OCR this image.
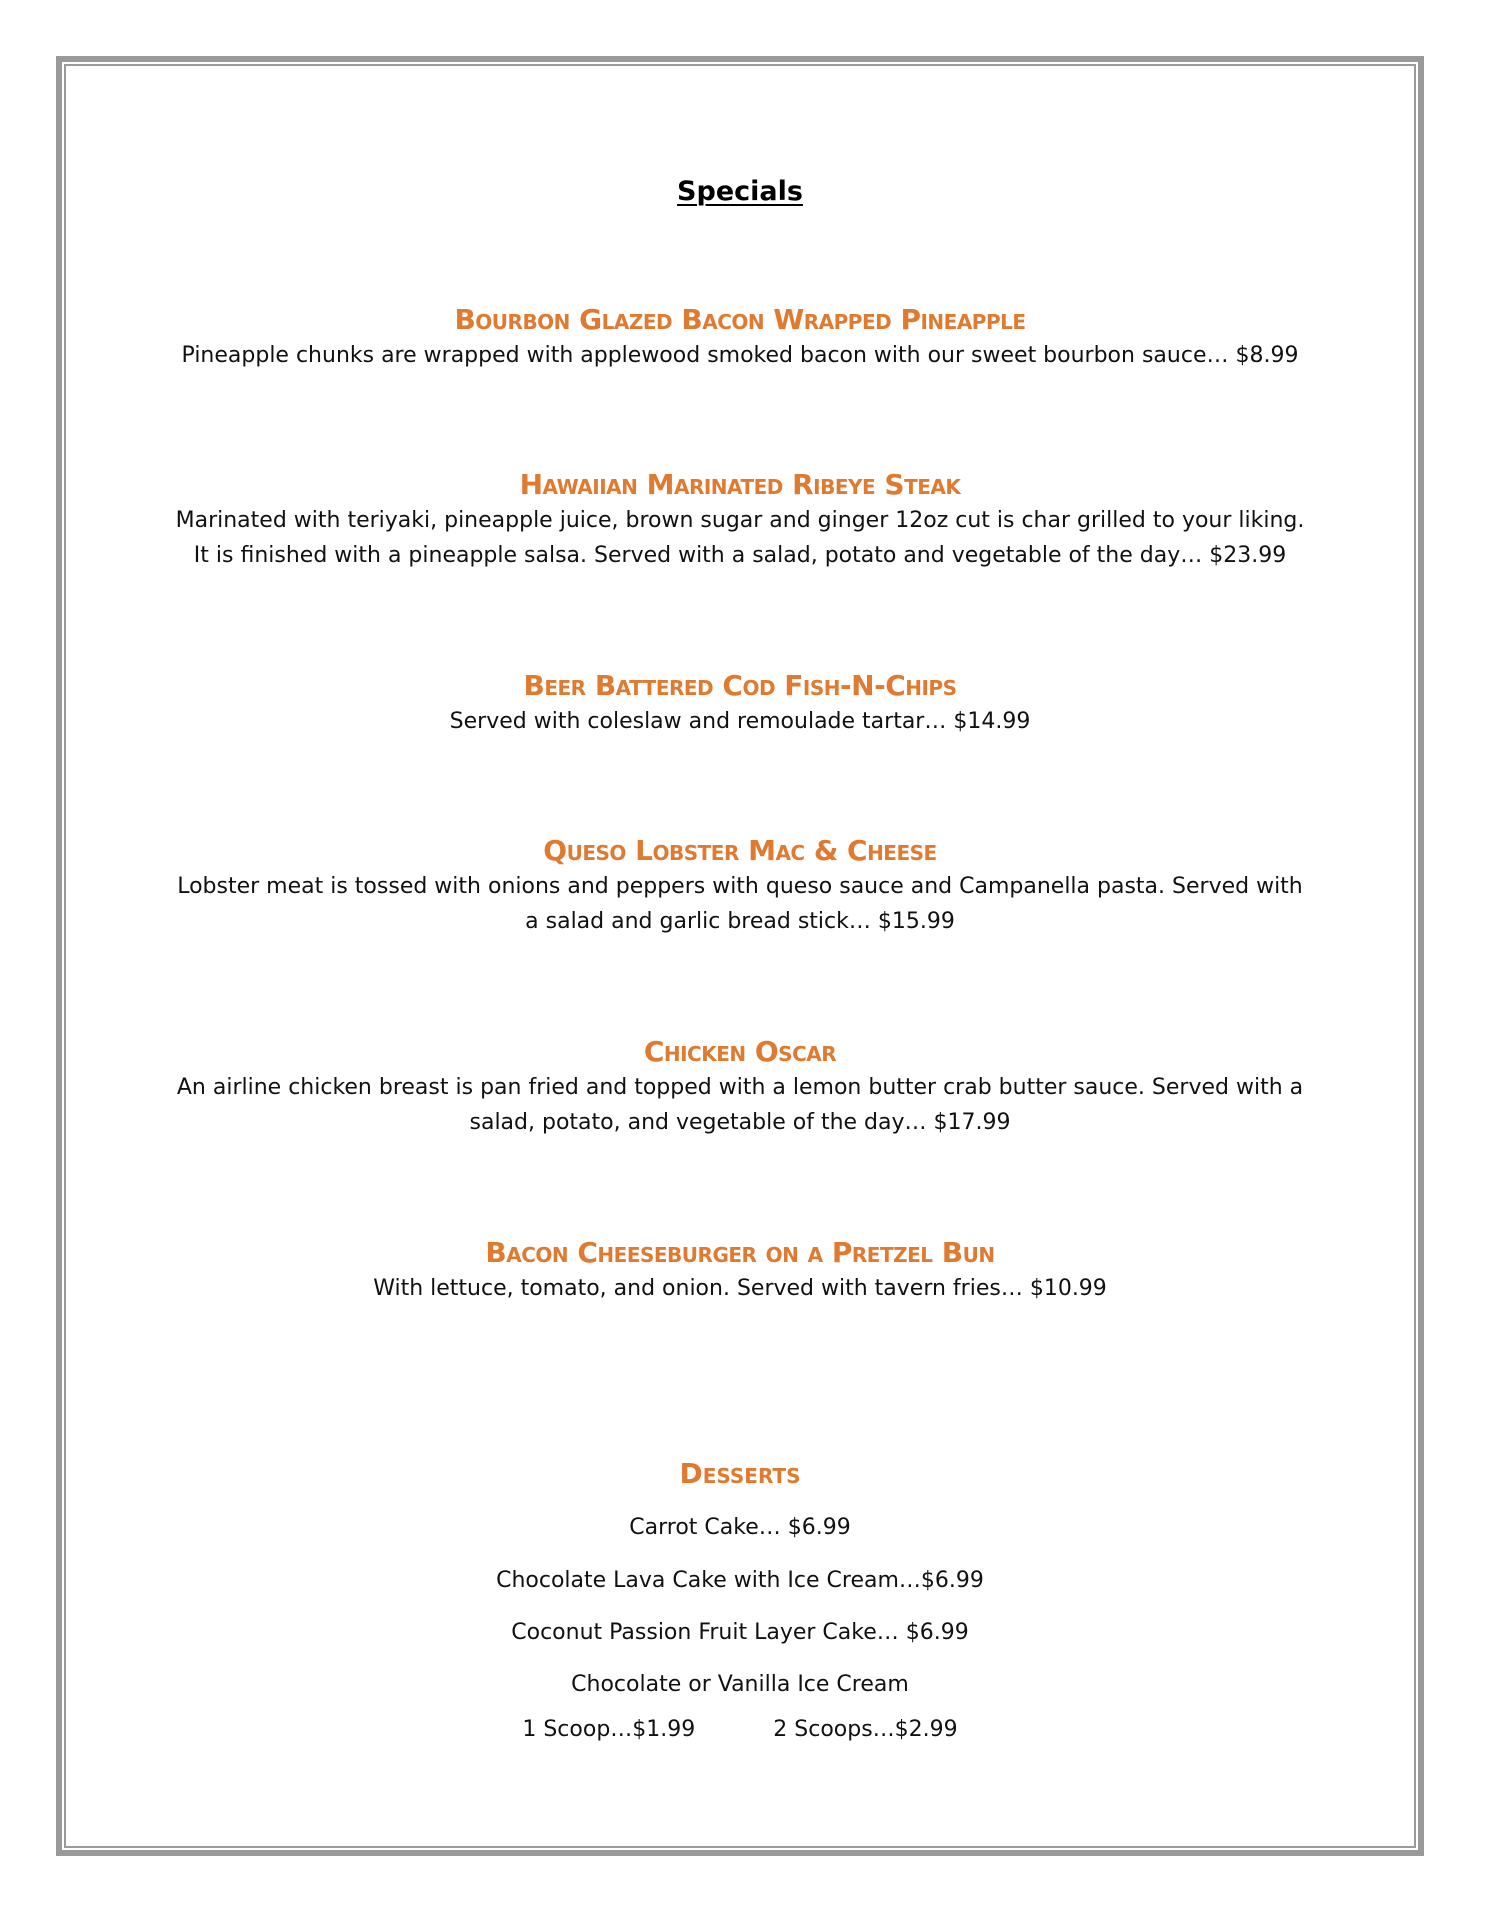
Specials

Bourbon Glazed Bacon Wrapped Pineapple

Pineapple chunks are wrapped with applewood smoked bacon with our sweet bourbon sauce… $8.99

Hawaiian Marinated Ribeye Steak

Marinated with teriyaki, pineapple juice, brown sugar and ginger 12oz cut is char grilled to your liking. It is finished with a pineapple salsa. Served with a salad, potato and vegetable of the day… $23.99

Beer Battered Cod Fish-N-Chips

Served with coleslaw and remoulade tartar… $14.99

Queso Lobster Mac & Cheese

Lobster meat is tossed with onions and peppers with queso sauce and Campanella pasta. Served with a salad and garlic bread stick… $15.99

Chicken Oscar

An airline chicken breast is pan fried and topped with a lemon butter crab butter sauce. Served with a salad, potato, and vegetable of the day… $17.99

Bacon Cheeseburger on a Pretzel Bun

With lettuce, tomato, and onion. Served with tavern fries… $10.99

Desserts

Carrot Cake… $6.99
Chocolate Lava Cake with Ice Cream…$6.99
Coconut Passion Fruit Layer Cake… $6.99
Chocolate or Vanilla Ice Cream
1 Scoop…$1.99	2 Scoops…$2.99
